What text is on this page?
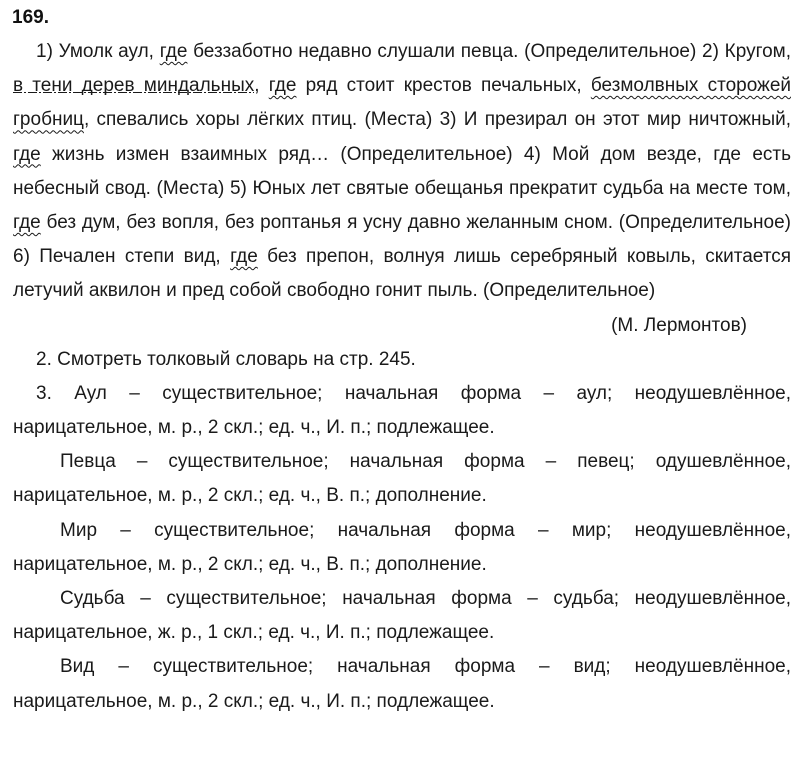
169.

1) Умолк аул, где беззаботно недавно слушали певца. (Определительное) 2) Кругом, в тени дерев миндальных, где ряд стоит крестов печальных, безмолвных сторожей гробниц, спевались хоры лёгких птиц. (Места) 3) И презирал он этот мир ничтожный, где жизнь измен взаимных ряд… (Определительное) 4) Мой дом везде, где есть небесный свод. (Места) 5) Юных лет святые обещанья прекратит судьба на месте том, где без дум, без вопля, без роптанья я усну давно желанным сном. (Определительное) 6) Печален степи вид, где без препон, волнуя лишь серебряный ковыль, скитается летучий аквилон и пред собой свободно гонит пыль. (Определительное)

(М. Лермонтов)

2. Смотреть толковый словарь на стр. 245.

3. Аул – существительное; начальная форма – аул; неодушевлённое, нарицательное, м. р., 2 скл.; ед. ч., И. п.; подлежащее.

Певца – существительное; начальная форма – певец; одушевлённое, нарицательное, м. р., 2 скл.; ед. ч., В. п.; дополнение.

Мир – существительное; начальная форма – мир; неодушевлённое, нарицательное, м. р., 2 скл.; ед. ч., В. п.; дополнение.

Судьба – существительное; начальная форма – судьба; неодушевлённое, нарицательное, ж. р., 1 скл.; ед. ч., И. п.; подлежащее.

Вид – существительное; начальная форма – вид; неодушевлённое, нарицательное, м. р., 2 скл.; ед. ч., И. п.; подлежащее.
